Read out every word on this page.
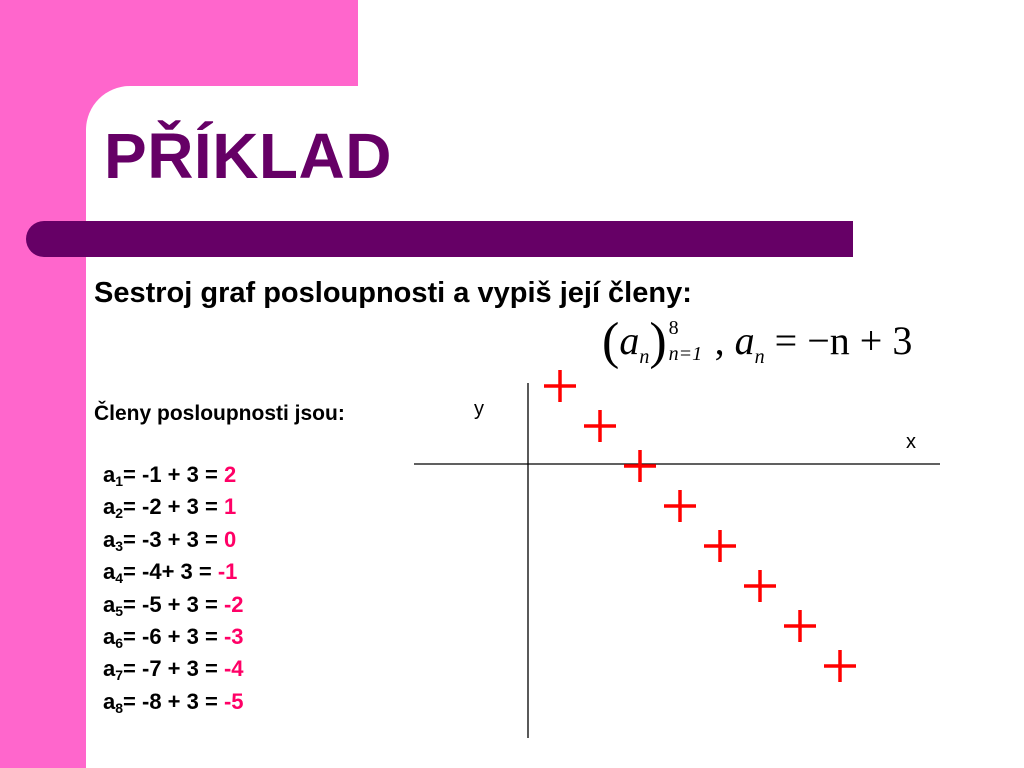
PŘÍKLAD
Sestroj graf posloupnosti a vypiš její členy:
$(a_n)$ 8
n=1 , $a_n = -n + 3$
Členy posloupnosti jsou:
$a_1= -1 + 3 = 2$
$a_2= -2 + 3 = 1$
$a_3= -3 + 3 = 0$
$a_4= -4+ 3 = -1$
$a_5= -5 + 3 = -2$
$a_6= -6 + 3 = -3$
$a_7= -7 + 3 = -4$
$a_8= -8 + 3 = -5$
y
x
